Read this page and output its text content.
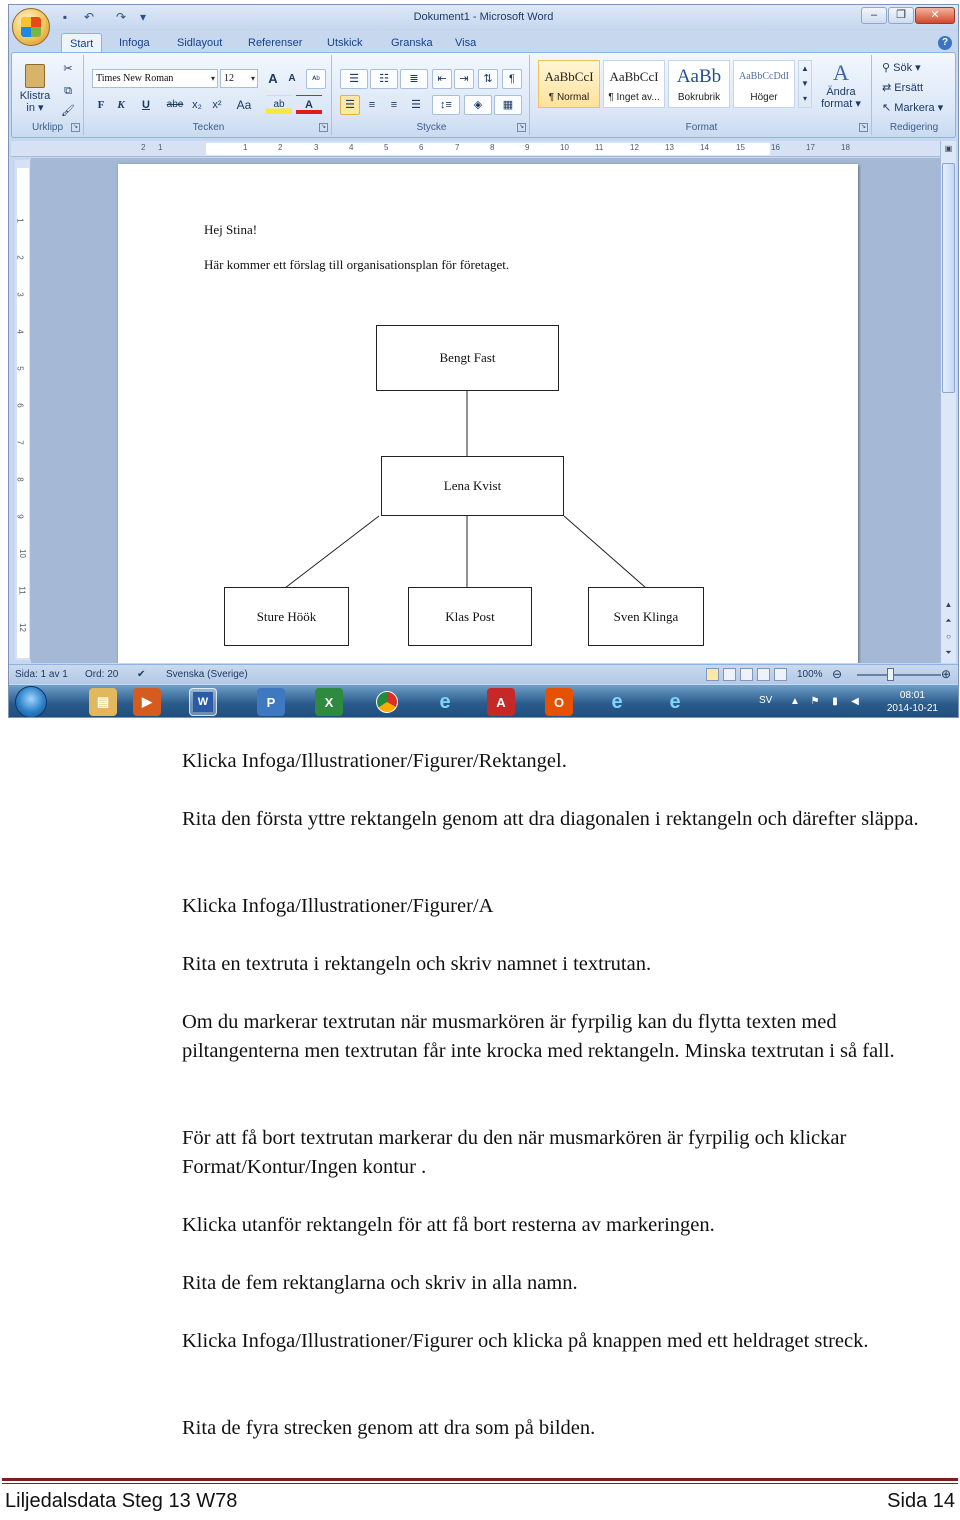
▪	↶ ↷	▾	Dokument1 - Microsoft Word	‒	❐	✕
Start	Infoga	Sidlayout	Referenser	Utskick	Granska	Visa	?
Klistra
in ▾
✂
⧉
🖌
Urklipp	↘
Times New Roman	▾ 12 ▾	A	A	ᴬᵇ
F	K	U	abe x₂ x²	Aa	ab	A
Tecken	↘
☰	☷	≣	⇤	⇥	⇅	¶
☰	≡	≡	☰	↕≡	◈	▦
Stycke	↘
AaBbCcI
¶ Normal
AaBbCcI
¶ Inget av...
AaBb
Bokrubrik
AaBbCcDdI
Höger
▲
▼
▾
A
Ändra
format ▾
Format	↘
⚲ Sök ▾
⇄ Ersätt
↖ Markera ▾
Redigering
2 1	1	2	3	4	5	6	7	8	9	10	11	12	13	14	15	16	17	18
1
2
3
4
5
6
7
8
9
10
11
12
Hej Stina!
Här kommer ett förslag till organisationsplan för företaget.
Bengt Fast
Lena Kvist
Sture Höök	Klas Post	Sven Klinga
▣
▲
⏶
○
⏷
Sida: 1 av 1 Ord: 20 ✔ Svenska (Sverige)	100% ⊖	⊕
▤	▶	W	P	X	e	A	O	e	e	SV ▲ ⚑	▮	◀
08:01
2014-10-21
Klicka Infoga/Illustrationer/Figurer/Rektangel.
Rita den första yttre rektangeln genom att dra diagonalen i rektangeln och därefter släppa.
Klicka Infoga/Illustrationer/Figurer/A
Rita en textruta i rektangeln och skriv namnet i textrutan.
Om du markerar textrutan när musmarkören är fyrpilig kan du flytta texten med piltangenterna men textrutan får inte krocka med rektangeln. Minska textrutan i så fall.
För att få bort textrutan markerar du den när musmarkören är fyrpilig och klickar Format/Kontur/Ingen kontur .
Klicka utanför rektangeln för att få bort resterna av markeringen.
Rita de fem rektanglarna och skriv in alla namn.
Klicka Infoga/Illustrationer/Figurer och klicka på knappen med ett heldraget streck.
Rita de fyra strecken genom att dra som på bilden.
Liljedalsdata Steg 13 W78	Sida 14
